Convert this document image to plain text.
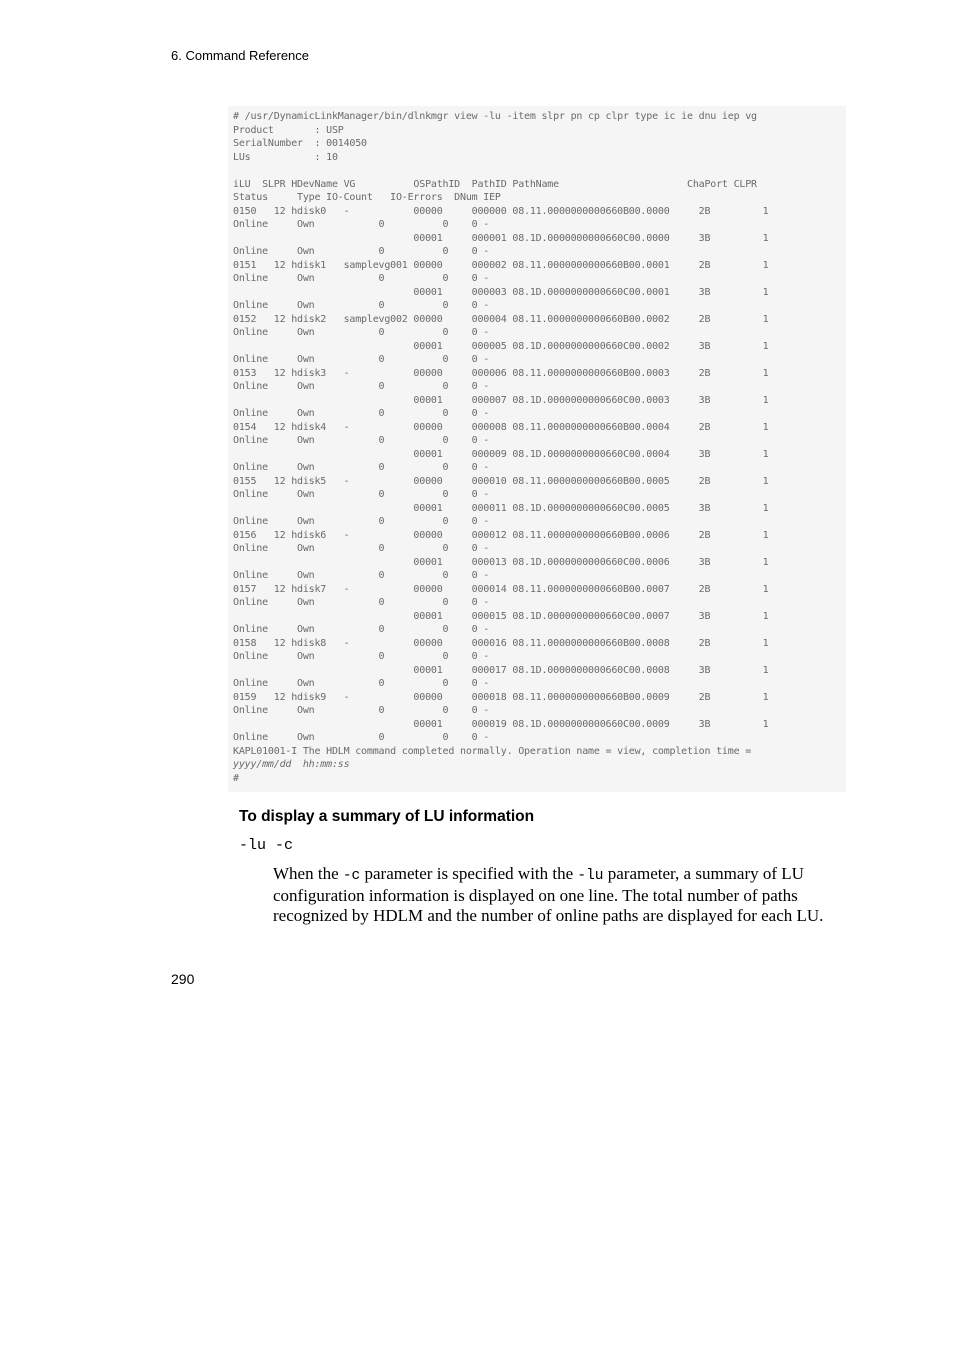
6. Command Reference
# /usr/DynamicLinkManager/bin/dlnkmgr view -lu -item slpr pn cp clpr type ic ie dnu iep vg
Product       : USP
SerialNumber  : 0014050
LUs           : 10

iLU  SLPR HDevName VG          OSPathID  PathID PathName                      ChaPort CLPR
Status     Type IO-Count   IO-Errors  DNum IEP
0150   12 hdisk0   -           00000     000000 08.11.0000000000660B00.0000     2B         1
Online     Own           0          0    0 -
00001     000001 08.1D.0000000000660C00.0000     3B         1
Online     Own           0          0    0 -
0151   12 hdisk1   samplevg001 00000     000002 08.11.0000000000660B00.0001     2B         1
Online     Own           0          0    0 -
00001     000003 08.1D.0000000000660C00.0001     3B         1
Online     Own           0          0    0 -
0152   12 hdisk2   samplevg002 00000     000004 08.11.0000000000660B00.0002     2B         1
Online     Own           0          0    0 -
00001     000005 08.1D.0000000000660C00.0002     3B         1
Online     Own           0          0    0 -
0153   12 hdisk3   -           00000     000006 08.11.0000000000660B00.0003     2B         1
Online     Own           0          0    0 -
00001     000007 08.1D.0000000000660C00.0003     3B         1
Online     Own           0          0    0 -
0154   12 hdisk4   -           00000     000008 08.11.0000000000660B00.0004     2B         1
Online     Own           0          0    0 -
00001     000009 08.1D.0000000000660C00.0004     3B         1
Online     Own           0          0    0 -
0155   12 hdisk5   -           00000     000010 08.11.0000000000660B00.0005     2B         1
Online     Own           0          0    0 -
00001     000011 08.1D.0000000000660C00.0005     3B         1
Online     Own           0          0    0 -
0156   12 hdisk6   -           00000     000012 08.11.0000000000660B00.0006     2B         1
Online     Own           0          0    0 -
00001     000013 08.1D.0000000000660C00.0006     3B         1
Online     Own           0          0    0 -
0157   12 hdisk7   -           00000     000014 08.11.0000000000660B00.0007     2B         1
Online     Own           0          0    0 -
00001     000015 08.1D.0000000000660C00.0007     3B         1
Online     Own           0          0    0 -
0158   12 hdisk8   -           00000     000016 08.11.0000000000660B00.0008     2B         1
Online     Own           0          0    0 -
00001     000017 08.1D.0000000000660C00.0008     3B         1
Online     Own           0          0    0 -
0159   12 hdisk9   -           00000     000018 08.11.0000000000660B00.0009     2B         1
Online     Own           0          0    0 -
00001     000019 08.1D.0000000000660C00.0009     3B         1
Online     Own           0          0    0 -
KAPL01001-I The HDLM command completed normally. Operation name = view, completion time =
yyyy/mm/dd  hh:mm:ss
#
To display a summary of LU information
-lu -c
When the -c parameter is specified with the -lu parameter, a summary of LU configuration information is displayed on one line. The total number of paths recognized by HDLM and the number of online paths are displayed for each LU.
290
